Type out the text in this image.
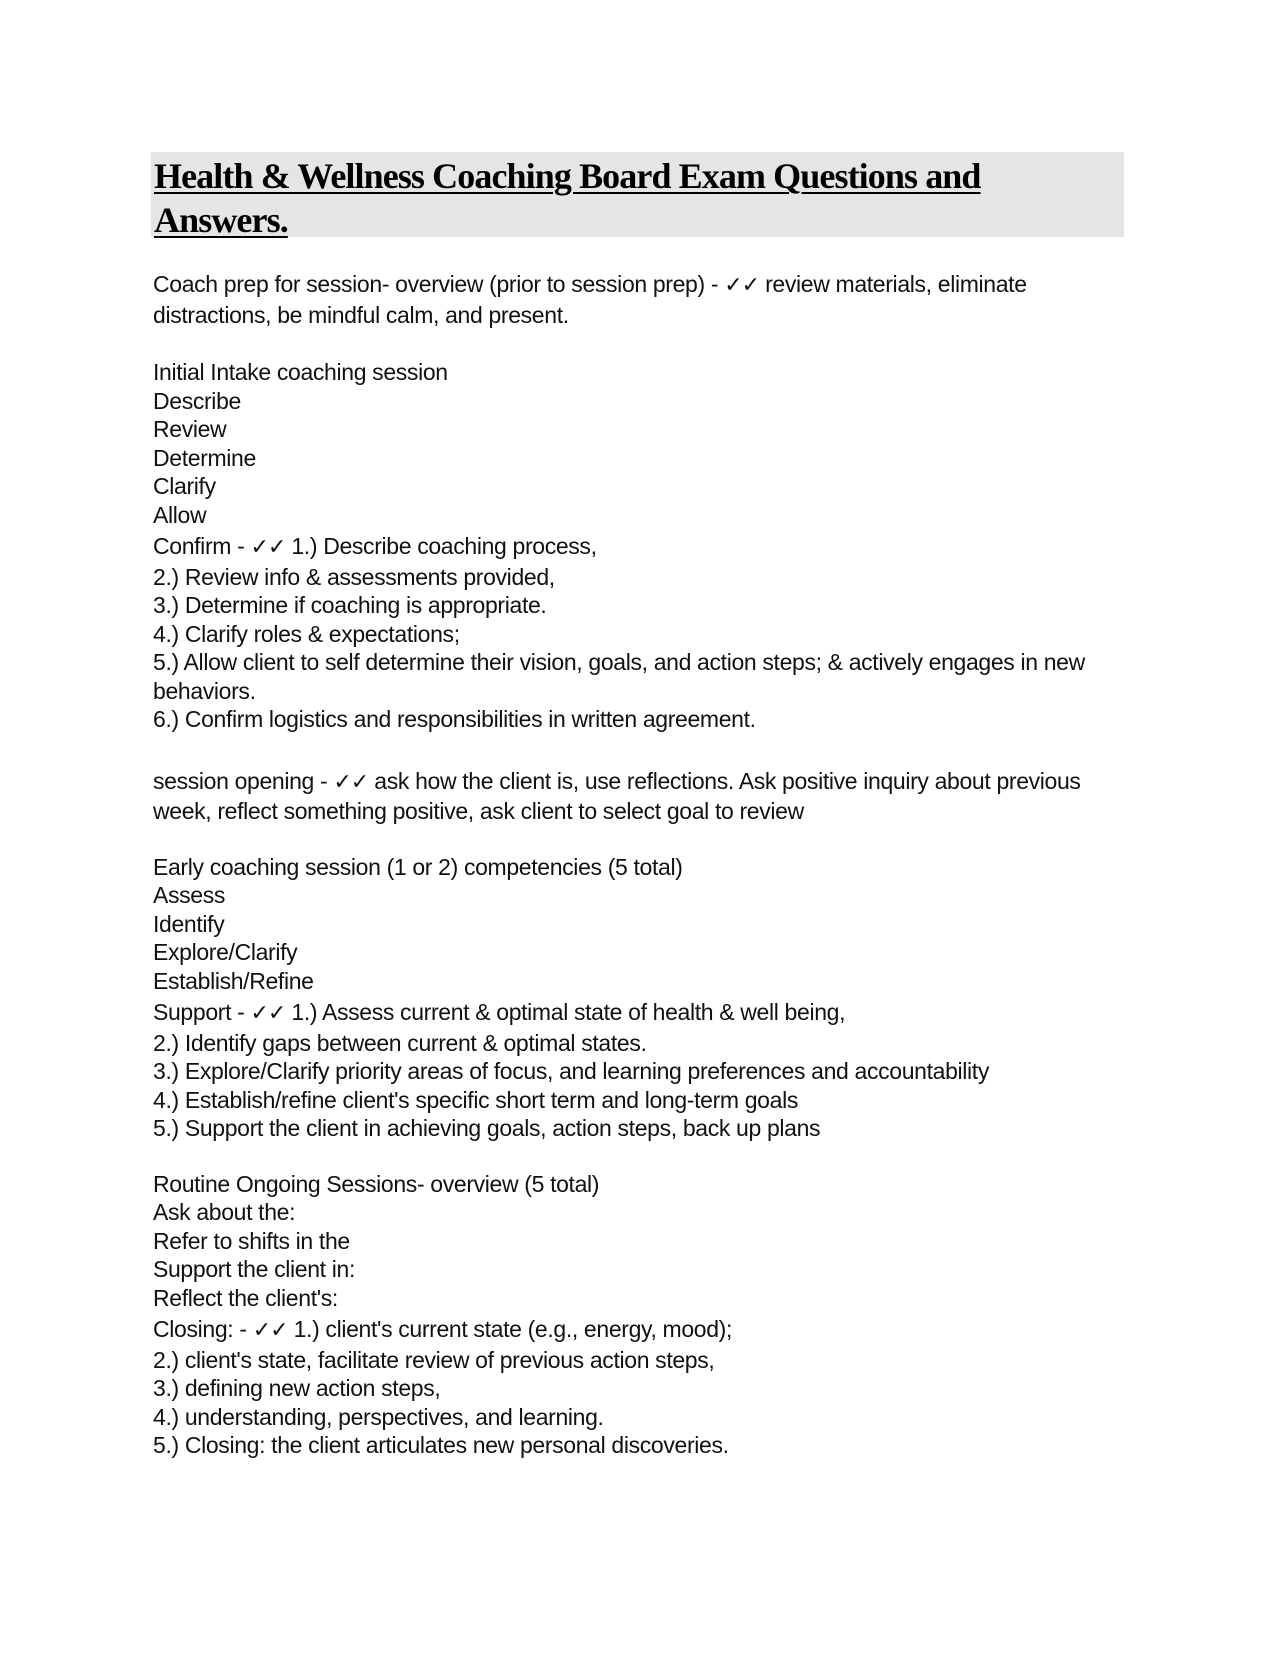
Health & Wellness Coaching Board Exam Questions and Answers.
Coach prep for session- overview (prior to session prep) - ✓✓ review materials, eliminate distractions, be mindful calm, and present.
Initial Intake coaching session
Describe
Review
Determine
Clarify
Allow
Confirm - ✓✓ 1.) Describe coaching process,
2.) Review info & assessments provided,
3.) Determine if coaching is appropriate.
4.) Clarify roles & expectations;
5.) Allow client to self determine their vision, goals, and action steps; & actively engages in new behaviors.
6.) Confirm logistics and responsibilities in written agreement.
session opening - ✓✓ ask how the client is, use reflections. Ask positive inquiry about previous week, reflect something positive, ask client to select goal to review
Early coaching session (1 or 2) competencies (5 total)
Assess
Identify
Explore/Clarify
Establish/Refine
Support - ✓✓ 1.) Assess current & optimal state of health & well being,
2.) Identify gaps between current & optimal states.
3.) Explore/Clarify priority areas of focus, and learning preferences and accountability
4.) Establish/refine client's specific short term and long-term goals
5.) Support the client in achieving goals, action steps, back up plans
Routine Ongoing Sessions- overview (5 total)
Ask about the:
Refer to shifts in the
Support the client in:
Reflect the client's:
Closing: - ✓✓ 1.) client's current state (e.g., energy, mood);
2.) client's state, facilitate review of previous action steps,
3.) defining new action steps,
4.) understanding, perspectives, and learning.
5.) Closing: the client articulates new personal discoveries.
